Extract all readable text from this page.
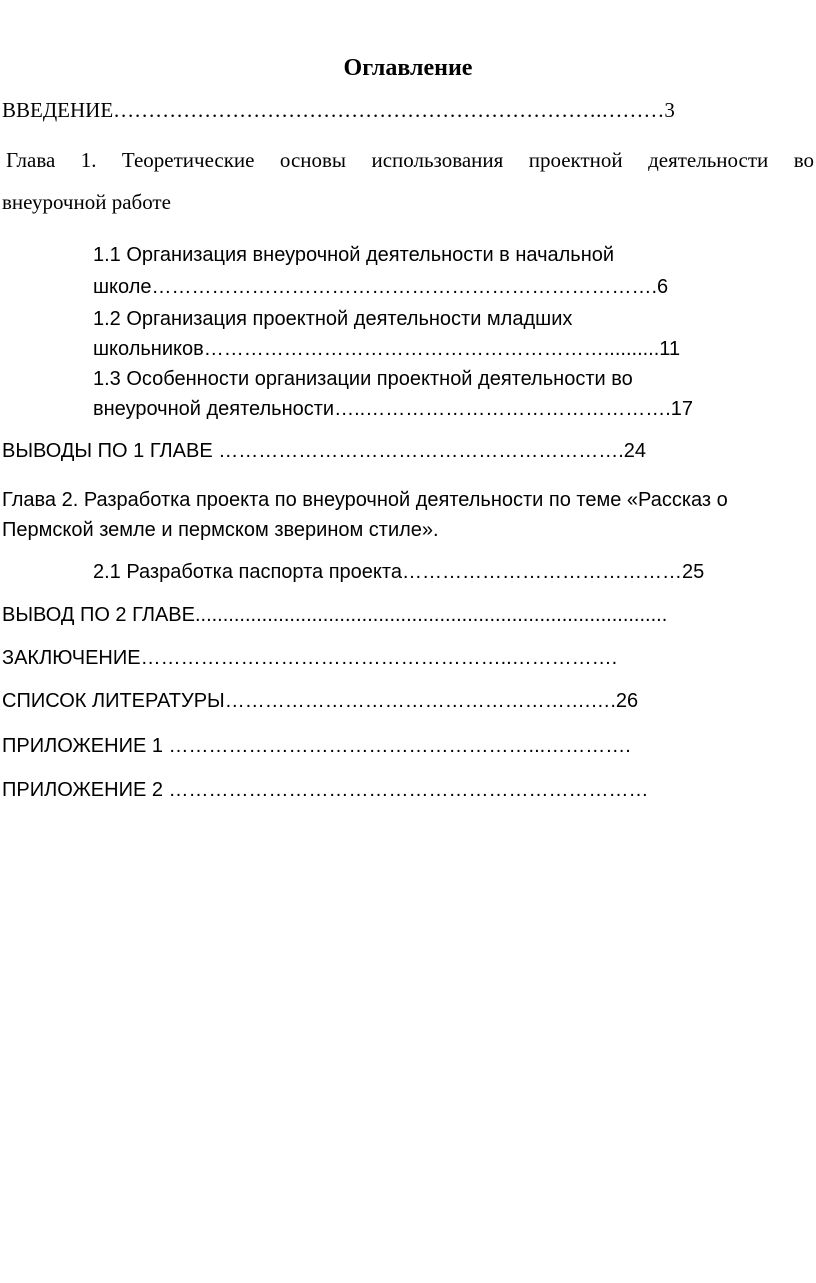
Оглавление
ВВЕДЕНИЕ…………………………………………………………….………3
Глава 1. Теоретические основы использования проектной деятельности во
внеурочной работе
1.1 Организация внеурочной деятельности в начальной
школе………………………………………………………………….6
1.2 Организация проектной деятельности младших
школьников……………………………………………………..........11
1.3 Особенности организации проектной деятельности во
внеурочной деятельности…..……………………………………….17
ВЫВОДЫ ПО 1 ГЛАВЕ …………………………………………………….24
Глава 2. Разработка проекта по внеурочной деятельности по теме «Рассказ о
Пермской земле и пермском зверином стиле».
2.1 Разработка паспорта проекта……………………………………25
ВЫВОД ПО 2 ГЛАВЕ.....................................................................................
ЗАКЛЮЧЕНИЕ………………………………………………..…………….
СПИСОК ЛИТЕРАТУРЫ……………………………………………….….26
ПРИЛОЖЕНИЕ 1 ………………………………………………...………….
ПРИЛОЖЕНИЕ 2 ………………………………………………………………
